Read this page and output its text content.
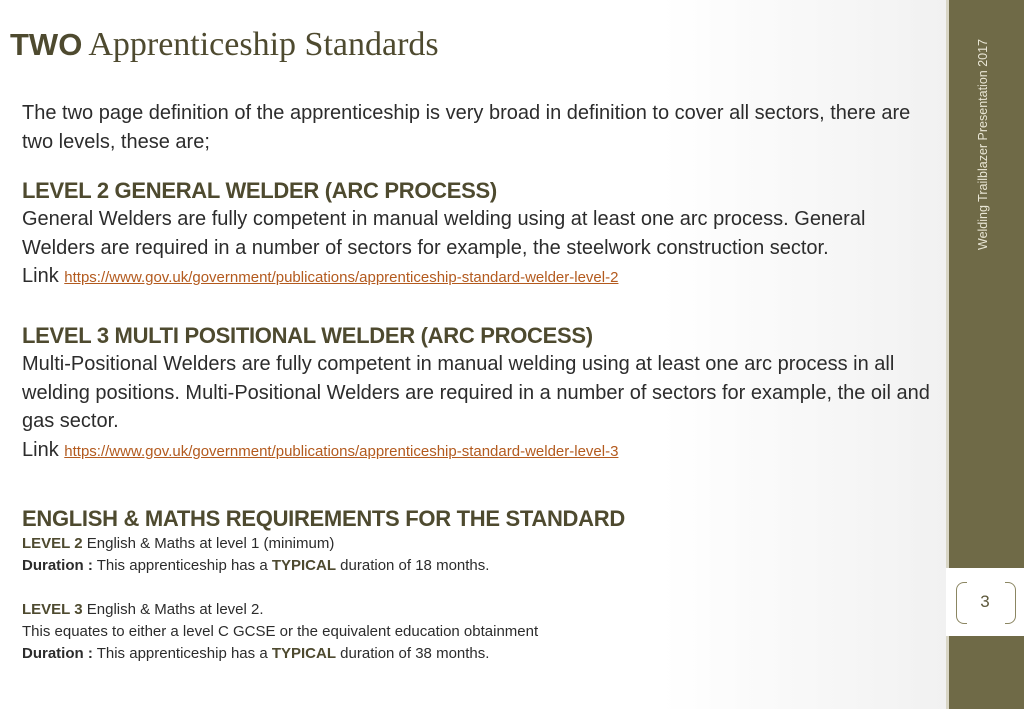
Welding Trailblazer Presentation 2017
3
TWO Apprenticeship Standards

The two page definition of the apprenticeship is very broad in definition to cover all sectors, there are two levels, these are;

LEVEL 2 GENERAL WELDER (ARC PROCESS)

General Welders are fully competent in manual welding using at least one arc process. General Welders are required in a number of sectors for example, the steelwork construction sector.

Link https://www.gov.uk/government/publications/apprenticeship-standard-welder-level-2

LEVEL 3 MULTI POSITIONAL WELDER (ARC PROCESS)

Multi-Positional Welders are fully competent in manual welding using at least one arc process in all welding positions. Multi-Positional Welders are required in a number of sectors for example, the oil and gas sector.

Link https://www.gov.uk/government/publications/apprenticeship-standard-welder-level-3

ENGLISH & MATHS REQUIREMENTS FOR THE STANDARD

LEVEL 2 English & Maths at level 1 (minimum)

Duration : This apprenticeship has a TYPICAL duration of 18 months.

LEVEL 3 English & Maths at level 2.

This equates to either a level C GCSE or the equivalent education obtainment

Duration : This apprenticeship has a TYPICAL duration of 38 months.
